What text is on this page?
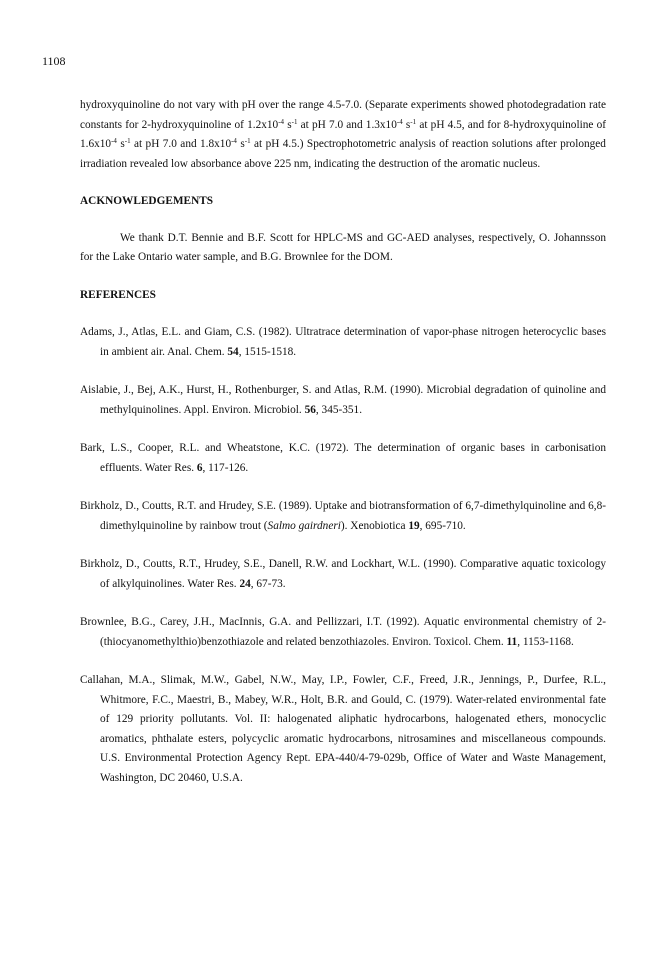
1108

hydroxyquinoline do not vary with pH over the range 4.5-7.0. (Separate experiments showed photodegradation rate constants for 2-hydroxyquinoline of $1.2x10^{-4}$ $s^{-1}$ at pH 7.0 and $1.3x10^{-4}$ $s^{-1}$ at pH 4.5, and for 8-hydroxyquinoline of $1.6x10^{-4}$ $s^{-1}$ at pH 7.0 and $1.8x10^{-4}$ $s^{-1}$ at pH 4.5.) Spectrophotometric analysis of reaction solutions after prolonged irradiation revealed low absorbance above 225 nm, indicating the destruction of the aromatic nucleus.

ACKNOWLEDGEMENTS

We thank D.T. Bennie and B.F. Scott for HPLC-MS and GC-AED analyses, respectively, O. Johannsson for the Lake Ontario water sample, and B.G. Brownlee for the DOM.

REFERENCES

Adams, J., Atlas, E.L. and Giam, C.S. (1982). Ultratrace determination of vapor-phase nitrogen heterocyclic bases in ambient air. Anal. Chem. 54, 1515-1518.

Aislabie, J., Bej, A.K., Hurst, H., Rothenburger, S. and Atlas, R.M. (1990). Microbial degradation of quinoline and methylquinolines. Appl. Environ. Microbiol. 56, 345-351.

Bark, L.S., Cooper, R.L. and Wheatstone, K.C. (1972). The determination of organic bases in carbonisation effluents. Water Res. 6, 117-126.

Birkholz, D., Coutts, R.T. and Hrudey, S.E. (1989). Uptake and biotransformation of 6,7-dimethylquinoline and 6,8-dimethylquinoline by rainbow trout (Salmo gairdneri). Xenobiotica 19, 695-710.

Birkholz, D., Coutts, R.T., Hrudey, S.E., Danell, R.W. and Lockhart, W.L. (1990). Comparative aquatic toxicology of alkylquinolines. Water Res. 24, 67-73.

Brownlee, B.G., Carey, J.H., MacInnis, G.A. and Pellizzari, I.T. (1992). Aquatic environmental chemistry of 2-(thiocyanomethylthio)benzothiazole and related benzothiazoles. Environ. Toxicol. Chem. 11, 1153-1168.

Callahan, M.A., Slimak, M.W., Gabel, N.W., May, I.P., Fowler, C.F., Freed, J.R., Jennings, P., Durfee, R.L., Whitmore, F.C., Maestri, B., Mabey, W.R., Holt, B.R. and Gould, C. (1979). Water-related environmental fate of 129 priority pollutants. Vol. II: halogenated aliphatic hydrocarbons, halogenated ethers, monocyclic aromatics, phthalate esters, polycyclic aromatic hydrocarbons, nitrosamines and miscellaneous compounds. U.S. Environmental Protection Agency Rept. EPA-440/4-79-029b, Office of Water and Waste Management, Washington, DC 20460, U.S.A.
